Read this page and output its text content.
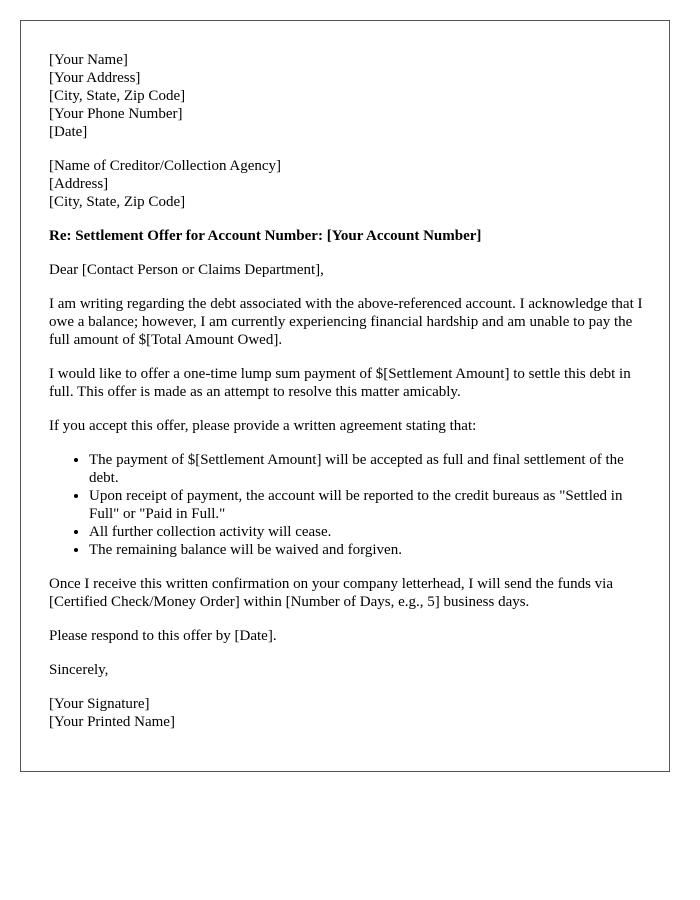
[Your Name]
[Your Address]
[City, State, Zip Code]
[Your Phone Number]
[Date]
[Name of Creditor/Collection Agency]
[Address]
[City, State, Zip Code]

Re: Settlement Offer for Account Number: [Your Account Number]

Dear [Contact Person or Claims Department],

I am writing regarding the debt associated with the above-referenced account. I acknowledge that I owe a balance; however, I am currently experiencing financial hardship and am unable to pay the full amount of $[Total Amount Owed].

I would like to offer a one-time lump sum payment of $[Settlement Amount] to settle this debt in full. This offer is made as an attempt to resolve this matter amicably.

If you accept this offer, please provide a written agreement stating that:

• The payment of $[Settlement Amount] will be accepted as full and final settlement of the debt.
• Upon receipt of payment, the account will be reported to the credit bureaus as "Settled in Full" or "Paid in Full."
• All further collection activity will cease.
• The remaining balance will be waived and forgiven.

Once I receive this written confirmation on your company letterhead, I will send the funds via [Certified Check/Money Order] within [Number of Days, e.g., 5] business days.

Please respond to this offer by [Date].

Sincerely,

[Your Signature]
[Your Printed Name]
